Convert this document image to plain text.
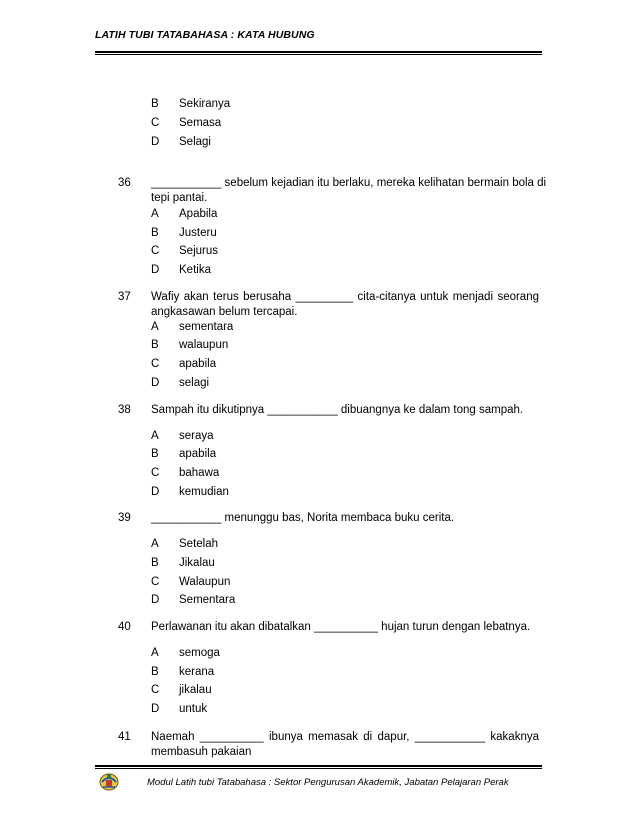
LATIH TUBI TATABAHASA : KATA HUBUNG
B Sekiranya
C Semasa
D Selagi
36 ___________ sebelum kejadian itu berlaku, mereka kelihatan bermain bola di
tepi pantai.
A Apabila
B Justeru
C Sejurus
D Ketika
37 Wafiy akan terus berusaha _________ cita-citanya untuk menjadi seorang
angkasawan belum tercapai.
A sementara
B walaupun
C apabila
D selagi
38 Sampah itu dikutipnya ___________ dibuangnya ke dalam tong sampah.
A seraya
B apabila
C bahawa
D kemudian
39 ___________ menunggu bas, Norita membaca buku cerita.
A Setelah
B Jikalau
C Walaupun
D Sementara
40 Perlawanan itu akan dibatalkan __________ hujan turun dengan lebatnya.
A semoga
B kerana
C jikalau
D untuk
41 Naemah __________ ibunya memasak di dapur, ___________ kakaknya
membasuh pakaian
Modul Latih tubi Tatabahasa : Sektor Pengurusan Akademik, Jabatan Pelajaran Perak
